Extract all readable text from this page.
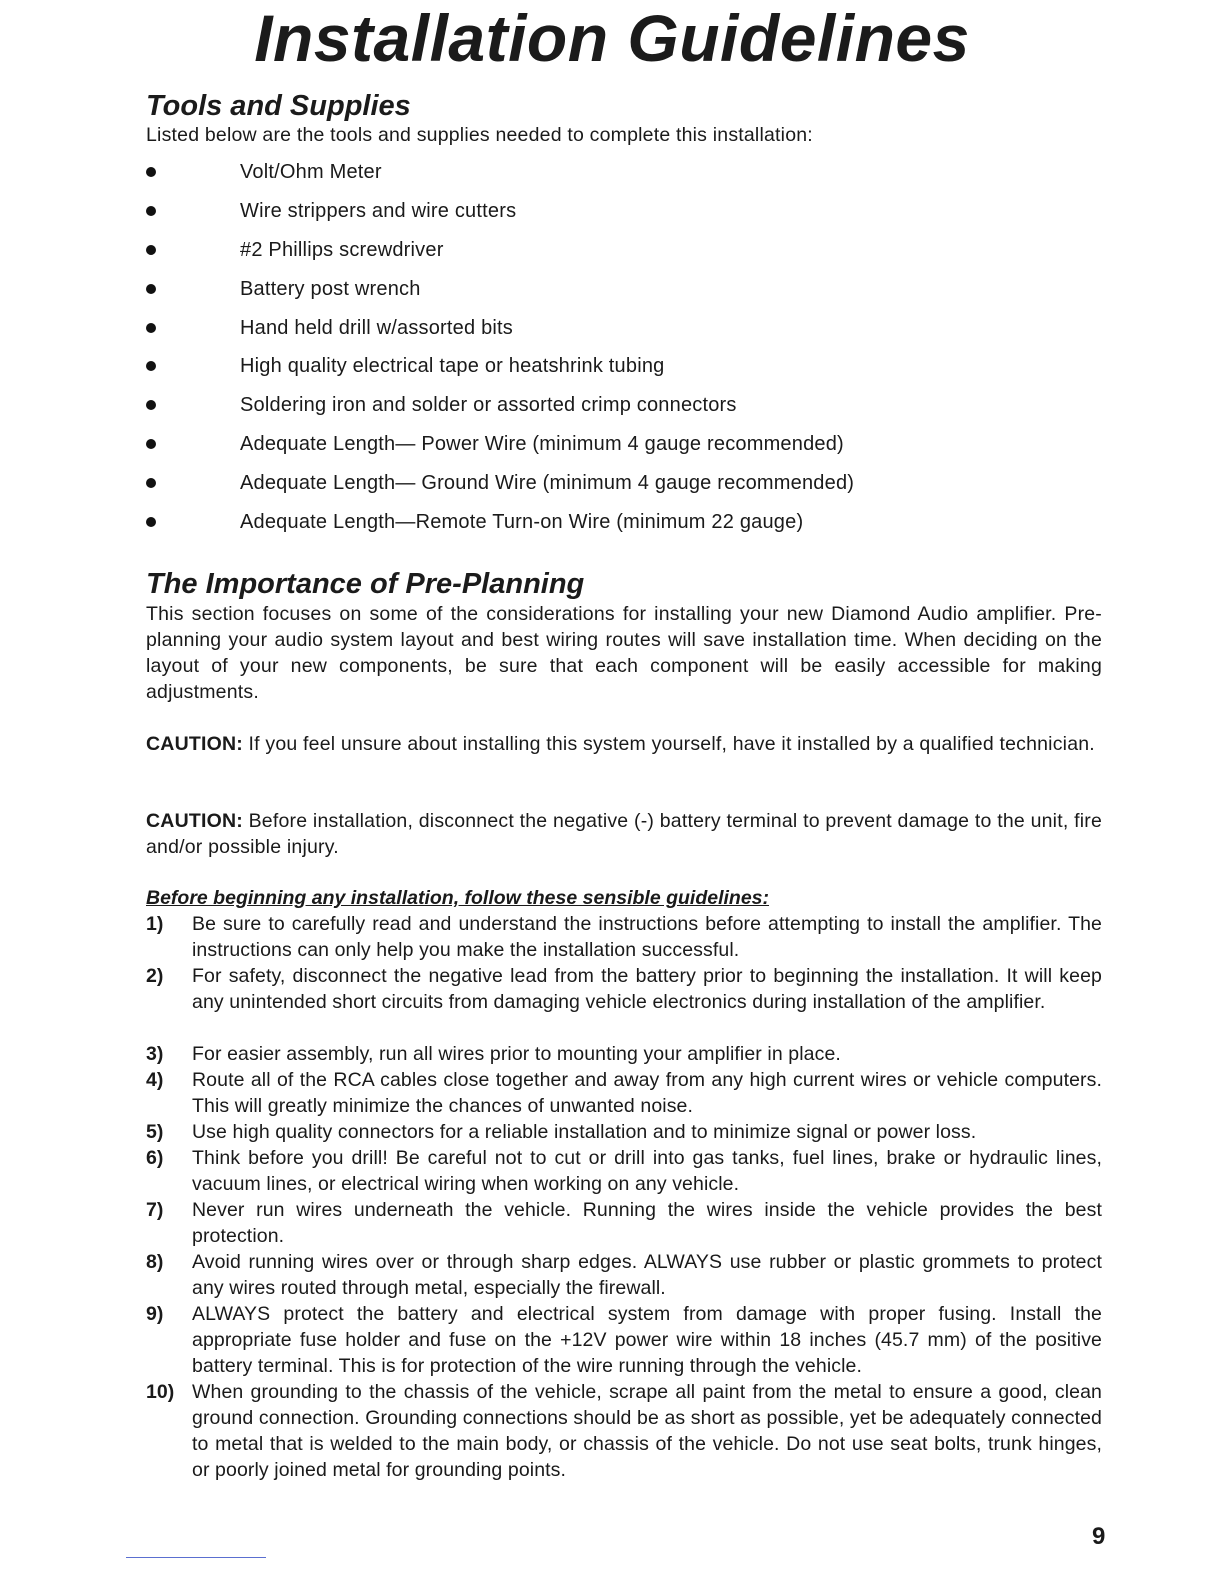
Installation Guidelines
Tools and Supplies
Listed below are the tools and supplies needed to complete this installation:
Volt/Ohm Meter
Wire strippers and wire cutters
#2 Phillips screwdriver
Battery post wrench
Hand held drill w/assorted bits
High quality electrical tape or heatshrink tubing
Soldering iron and solder or assorted crimp connectors
Adequate Length— Power Wire (minimum 4 gauge recommended)
Adequate Length— Ground Wire (minimum 4 gauge recommended)
Adequate Length—Remote Turn-on Wire (minimum 22 gauge)
The Importance of Pre-Planning
This section focuses on some of the considerations for installing your new Diamond Audio amplifier. Pre-planning your audio system layout and best wiring routes will save installation time. When deciding on the layout of your new components, be sure that each component will be easily accessible for making adjustments.
CAUTION: If you feel unsure about installing this system yourself, have it installed by a qualified technician.
CAUTION: Before installation, disconnect the negative (-) battery terminal to prevent damage to the unit, fire and/or possible injury.
Before beginning any installation, follow these sensible guidelines:
1) Be sure to carefully read and understand the instructions before attempting to install the amplifier. The instructions can only help you make the installation successful.
2) For safety, disconnect the negative lead from the battery prior to beginning the installation. It will keep any unintended short circuits from damaging vehicle electronics during installation of the amplifier.
3) For easier assembly, run all wires prior to mounting your amplifier in place.
4) Route all of the RCA cables close together and away from any high current wires or vehicle computers. This will greatly minimize the chances of unwanted noise.
5) Use high quality connectors for a reliable installation and to minimize signal or power loss.
6) Think before you drill! Be careful not to cut or drill into gas tanks, fuel lines, brake or hydraulic lines, vacuum lines, or electrical wiring when working on any vehicle.
7) Never run wires underneath the vehicle. Running the wires inside the vehicle provides the best protection.
8) Avoid running wires over or through sharp edges. ALWAYS use rubber or plastic grommets to protect any wires routed through metal, especially the firewall.
9) ALWAYS protect the battery and electrical system from damage with proper fusing. Install the appropriate fuse holder and fuse on the +12V power wire within 18 inches (45.7 mm) of the positive battery terminal. This is for protection of the wire running through the vehicle.
10) When grounding to the chassis of the vehicle, scrape all paint from the metal to ensure a good, clean ground connection. Grounding connections should be as short as possible, yet be adequately connected to metal that is welded to the main body, or chassis of the vehicle. Do not use seat bolts, trunk hinges, or poorly joined metal for grounding points.
9
